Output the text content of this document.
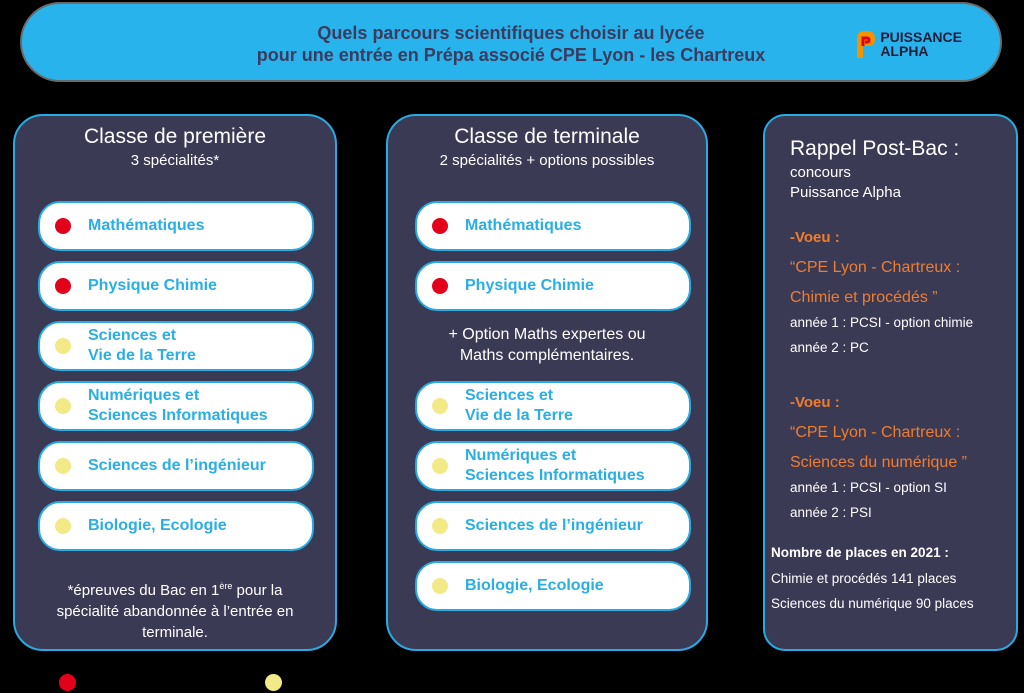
Quels parcours scientifiques choisir au lycée
pour une entrée en Prépa associé CPE Lyon - les Chartreux
PUISSANCE
ALPHA
Classe de première
3 spécialités*
Mathématiques
Physique Chimie
Sciences et
Vie de la Terre
Numériques et
Sciences Informatiques
Sciences de l’ingénieur
Biologie, Ecologie
*épreuves du Bac en 1ère pour la
spécialité abandonnée à l’entrée en
terminale.
Classe de terminale
2 spécialités + options possibles
Mathématiques
Physique Chimie
+ Option Maths expertes ou
Maths complémentaires.
Sciences et
Vie de la Terre
Numériques et
Sciences Informatiques
Sciences de l’ingénieur
Biologie, Ecologie
Rappel Post-Bac :
concours
Puissance Alpha
-Voeu :
“CPE Lyon - Chartreux :
Chimie et procédés ”
année 1 : PCSI - option chimie
année 2 : PC
-Voeu :
“CPE Lyon - Chartreux :
Sciences du numérique ”
année 1 : PCSI - option SI
année 2 : PSI
Nombre de places en 2021 :
Chimie et procédés 141 places
Sciences du numérique 90 places
